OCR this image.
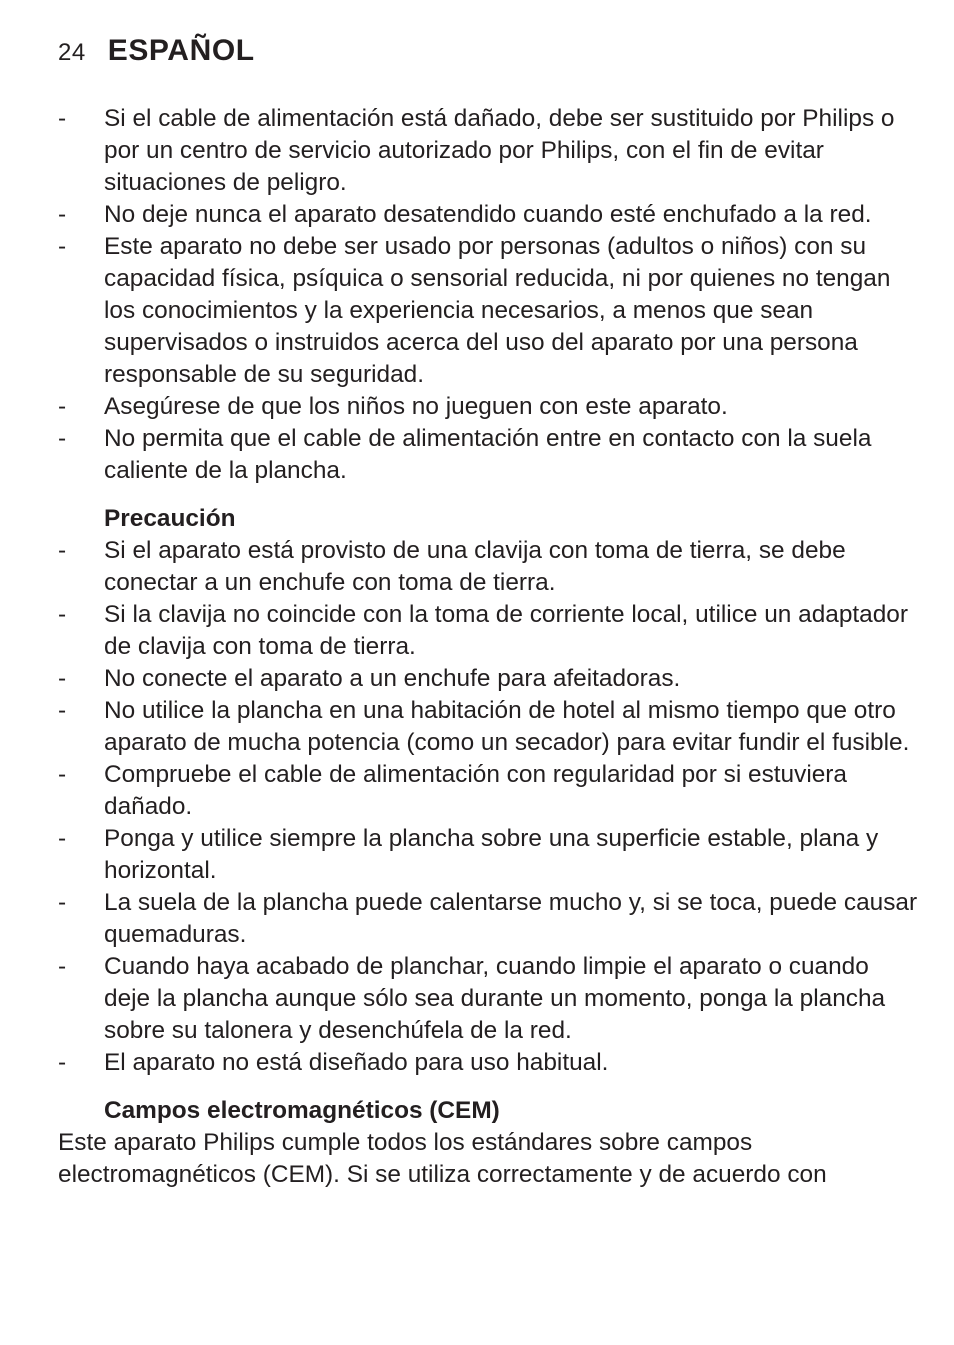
24 ESPAÑOL
- Si el cable de alimentación está dañado, debe ser sustituido por Philips o por un centro de servicio autorizado por Philips, con el fin de evitar situaciones de peligro.
- No deje nunca el aparato desatendido cuando esté enchufado a la red.
- Este aparato no debe ser usado por personas (adultos o niños) con su capacidad física, psíquica o sensorial reducida, ni por quienes no tengan los conocimientos y la experiencia necesarios, a menos que sean supervisados o instruidos acerca del uso del aparato por una persona responsable de su seguridad.
- Asegúrese de que los niños no jueguen con este aparato.
- No permita que el cable de alimentación entre en contacto con la suela caliente de la plancha.
Precaución
- Si el aparato está provisto de una clavija con toma de tierra, se debe conectar a un enchufe con toma de tierra.
- Si la clavija no coincide con la toma de corriente local, utilice un adaptador de clavija con toma de tierra.
- No conecte el aparato a un enchufe para afeitadoras.
- No utilice la plancha en una habitación de hotel al mismo tiempo que otro aparato de mucha potencia (como un secador) para evitar fundir el fusible.
- Compruebe el cable de alimentación con regularidad por si estuviera dañado.
- Ponga y utilice siempre la plancha sobre una superficie estable, plana y horizontal.
- La suela de la plancha puede calentarse mucho y, si se toca, puede causar quemaduras.
- Cuando haya acabado de planchar, cuando limpie el aparato o cuando deje la plancha aunque sólo sea durante un momento, ponga la plancha sobre su talonera y desenchúfela de la red.
- El aparato no está diseñado para uso habitual.
Campos electromagnéticos (CEM)

Este aparato Philips cumple todos los estándares sobre campos electromagnéticos (CEM). Si se utiliza correctamente y de acuerdo con
